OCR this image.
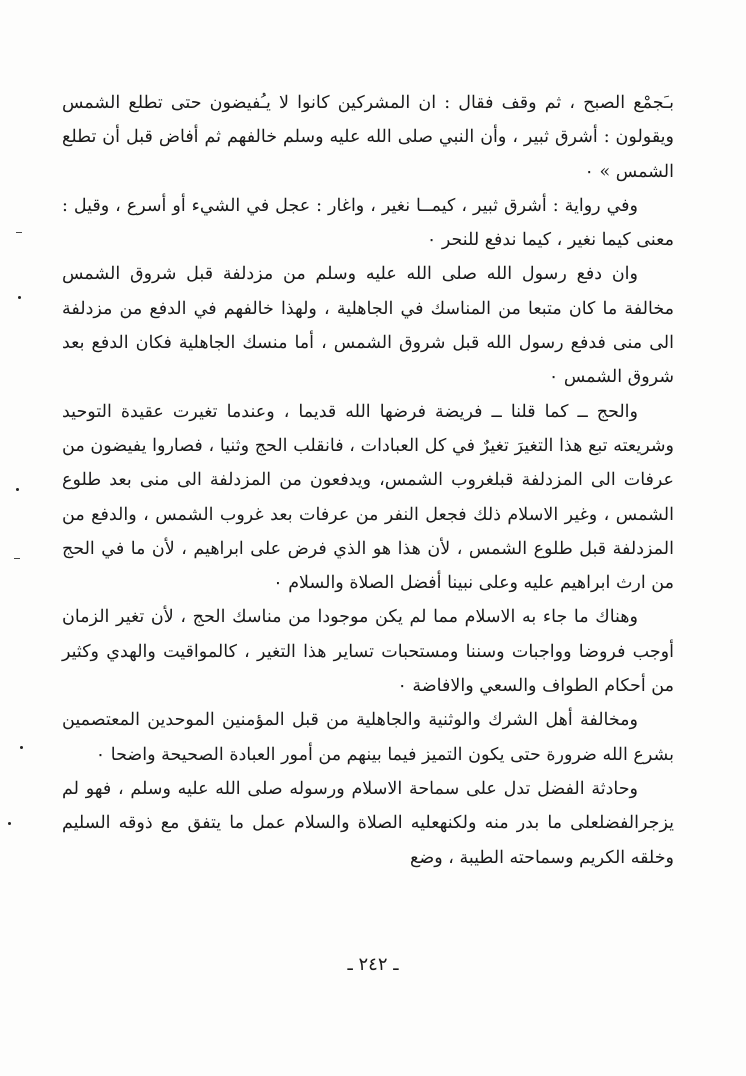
بـَجمْع الصبح ، ثم وقف فقال : ان المشركين كانوا لا يـُفيضون حتى تطلع الشمس ويقولون : أشرق ثبير ، وأن النبي صلى الله عليه وسلم خالفهم ثم أفاض قبل أن تطلع الشمس » ٠

وفي رواية : أشرق ثبير ، كيمــا نغير ، واغار : عجل في الشيء أو أسرع ، وقيل : معنى كيما نغير ، كيما ندفع للنحر ٠

وان دفع رسول الله صلى الله عليه وسلم من مزدلفة قبل شروق الشمس مخالفة ما كان متبعا من المناسك في الجاهلية ، ولهذا خالفهم في الدفع من مزدلفة الى منى فدفع رسول الله قبل شروق الشمس ، أما منسك الجاهلية فكان الدفع بعد شروق الشمس ٠

والحج ــ كما قلنا ــ فريضة فرضها الله قديما ، وعندما تغيرت عقيدة التوحيد وشريعته تبع هذا التغيرَ تغيرٌ في كل العبادات ، فانقلب الحج وثنيا ، فصاروا يفيضون من عرفات الى المزدلفة قبلغروب الشمس، ويدفعون من المزدلفة الى منى بعد طلوع الشمس ، وغير الاسلام ذلك فجعل النفر من عرفات بعد غروب الشمس ، والدفع من المزدلفة قبل طلوع الشمس ، لأن هذا هو الذي فرض على ابراهيم ، لأن ما في الحج من ارث ابراهيم عليه وعلى نبينا أفضل الصلاة والسلام ٠

وهناك ما جاء به الاسلام مما لم يكن موجودا من مناسك الحج ، لأن تغير الزمان أوجب فروضا وواجبات وسننا ومستحبات تساير هذا التغير ، كالمواقيت والهدي وكثير من أحكام الطواف والسعي والافاضة ٠

ومخالفة أهل الشرك والوثنية والجاهلية من قبل المؤمنين الموحدين المعتصمين بشرع الله ضرورة حتى يكون التميز فيما بينهم من أمور العبادة الصحيحة واضحا ٠

وحادثة الفضل تدل على سماحة الاسلام ورسوله صلى الله عليه وسلم ، فهو لم يزجرالفضلعلى ما بدر منه ولكنهعليه الصلاة والسلام عمل ما يتفق مع ذوقه السليم وخلقه الكريم وسماحته الطيبة ، وضع

ـ ٢٤٢ ـ
